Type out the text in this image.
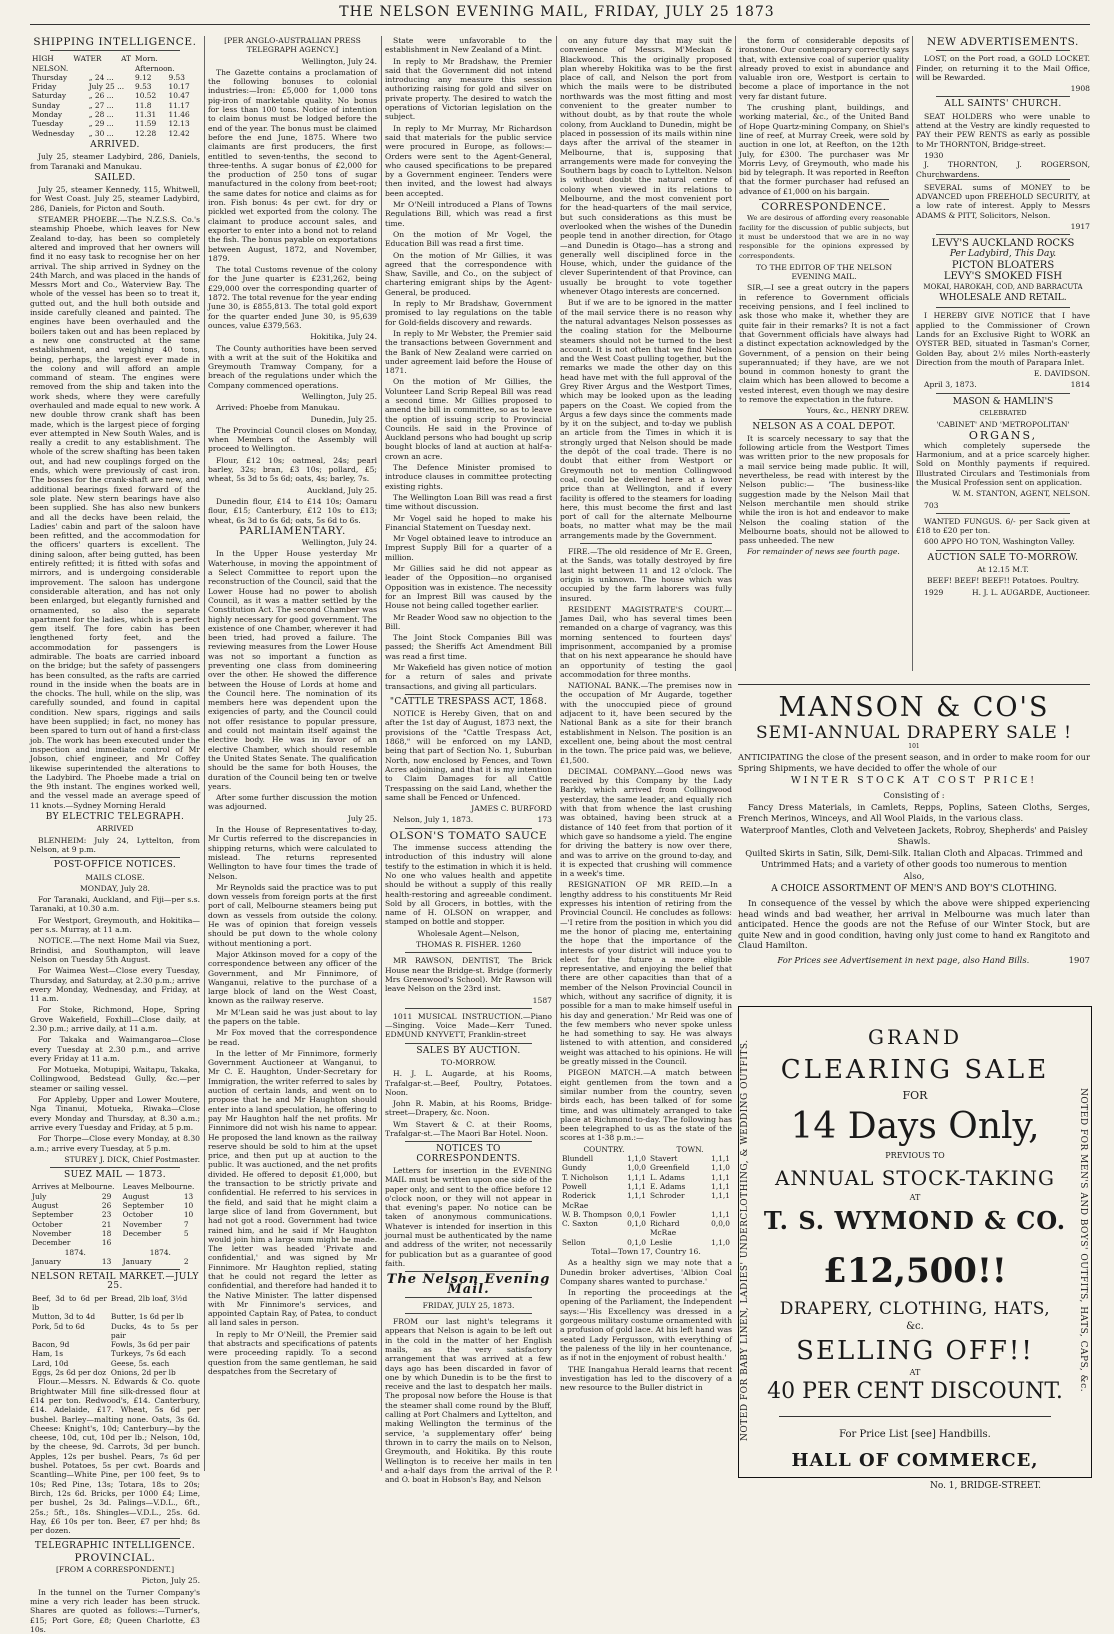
THE NELSON EVENING MAIL, FRIDAY, JULY 25 1873
SHIPPING INTELLIGENCE.
HIGH WATER AT NELSON.		Morn. Afternoon.	
Thursday	„ 24 ...	9.12	9.53
Friday	July 25 ...	9.53	10.17
Saturday	„ 26 ...	10.52	10.47
Sunday	„ 27 ...	11.8	11.17
Monday	„ 28 ...	11.31	11.46
Tuesday	„ 29 ...	11.59	12.13
Wednesday	„ 30 ...	12.28	12.42
ARRIVED.

July 25, steamer Ladybird, 286, Daniels, from Taranaki and Manukau.

SAILED.

July 25, steamer Kennedy, 115, Whitwell, for West Coast. July 25, steamer Ladybird, 286, Daniels, for Picton and South.

STEAMER PHOEBE.—The N.Z.S.S. Co.'s steamship Phoebe, which leaves for New Zealand to-day, has been so completely altered and improved that her owners will find it no easy task to recognise her on her arrival. The ship arrived in Sydney on the 24th March, and was placed in the hands of Messrs Mort and Co., Waterview Bay. The whole of the vessel has been so to treat it, gutted out, and the hull both outside and inside carefully cleaned and painted. The engines have been overhauled and the boilers taken out and has been replaced by a new one constructed at the same establishment, and weighing 40 tons, being, perhaps, the largest ever made in the colony and will afford an ample command of steam. The engines were removed from the ship and taken into the work sheds, where they were carefully overhauled and made equal to new work. A new double throw crank shaft has been made, which is the largest piece of forging ever attempted in New South Wales, and is really a credit to any establishment. The whole of the screw shafting has been taken out, and had new couplings forged on the ends, which were previously of cast iron. The bosses for the crank-shaft are new, and additional bearings fixed forward of the sole plate. New stern bearings have also been supplied. She has also new bunkers and all the decks have been relaid, the Ladies' cabin and part of the saloon have been refitted, and the accommodation for the officers' quarters is excellent. The dining saloon, after being gutted, has been entirely refitted; it is fitted with sofas and mirrors, and is undergoing considerable improvement. The saloon has undergone considerable alteration, and has not only been enlarged, but elegantly furnished and ornamented, so also the separate apartment for the ladies, which is a perfect gem itself. The fore cabin has been lengthened forty feet, and the accommodation for passengers is admirable. The boats are carried inboard on the bridge; but the safety of passengers has been consulted, as the rafts are carried round in the inside when the boats are in the chocks. The hull, while on the slip, was carefully sounded, and found in capital condition. New spars, riggings and sails have been supplied; in fact, no money has been spared to turn out of hand a first-class job. The work has been executed under the inspection and immediate control of Mr Jobson, chief engineer, and Mr Coffey likewise superintended the alterations to the Ladybird. The Phoebe made a trial on the 9th instant. The engines worked well, and the vessel made an average speed of 11 knots.—Sydney Morning Herald

BY ELECTRIC TELEGRAPH.

ARRIVED

BLENHEIM: July 24, Lyttelton, from Nelson, at 9 p.m.

POST-OFFICE NOTICES.

MAILS CLOSE.

MONDAY, July 28.

For Taranaki, Auckland, and Fiji—per s.s. Taranaki, at 10.30 a.m.

For Westport, Greymouth, and Hokitika—per s.s. Murray, at 11 a.m.

NOTICE.—The next Home Mail via Suez, Brindisi, and Southampton, will leave Nelson on Tuesday 5th August.

For Waimea West—Close every Tuesday, Thursday, and Saturday, at 2.30 p.m.; arrive every Monday, Wednesday, and Friday, at 11 a.m.

For Stoke, Richmond, Hope, Spring Grove Wakefield, Foxhill—Close daily, at 2.30 p.m.; arrive daily, at 11 a.m.

For Takaka and Waimangaroa—Close every Tuesday at 2.30 p.m., and arrive every Friday at 11 a.m.

For Motueka, Motupipi, Waitapu, Takaka, Collingwood, Bedstead Gully, &c.—per steamer or sailing vessel.

For Appleby, Upper and Lower Moutere, Nga Tinanui, Motueka, Riwaka—Close every Monday and Thursday, at 8.30 a.m.; arrive every Tuesday and Friday, at 5 p.m.

For Thorpe—Close every Monday, at 8.30 a.m.; arrive every Tuesday, at 5 p.m.

STUREY J. DICK, Chief Postmaster.

SUEZ MAIL — 1873.
Arrives at Melbourne.		Leaves Melbourne.	
July	29	August	13
August	26	September	10
September	23	October	10
October	21	November	7
November	18	December	5
December	16		
1874.		1874.	
January	13	January	2
NELSON RETAIL MARKET.—JULY 25.
Beef, 3d to 6d per lb	Bread, 2lb loaf, 3½d
Mutton, 3d to 4d	Butter, 1s 6d per lb
Pork, 5d to 6d	Ducks, 4s to 5s per pair
Bacon, 9d	Fowls, 3s 6d per pair
Ham, 1s	Turkeys, 7s 6d each
Lard, 10d	Geese, 5s. each
Eggs, 2s 6d per doz	Onions, 2d per lb

Flour.—Messrs. N. Edwards & Co. quote Brightwater Mill fine silk-dressed flour at £14 per ton. Redwood's, £14. Canterbury, £14. Adelaide, £17. Wheat, 5s 6d per bushel. Barley—malting none. Oats, 3s 6d. Cheese: Knight's, 10d; Canterbury—by the cheese, 10d, cut, 10d per lb.; Nelson, 10d, by the cheese, 9d. Carrots, 3d per bunch. Apples, 12s per bushel. Pears, 7s 6d per bushel. Potatoes, 5s per cwt. Boards and Scantling—White Pine, per 100 feet, 9s to 10s; Red Pine, 13s; Totara, 18s to 20s; Birch, 12s 6d. Bricks, per 1000 £4; Lime, per bushel, 2s 3d. Palings—V.D.L., 6ft., 25s.; 5ft., 18s. Shingles—V.D.L., 25s. 6d. Hay, £6 10s per ton. Beer, £7 per hhd; 8s per dozen.

TELEGRAPHIC INTELLIGENCE.
PROVINCIAL.

[FROM A CORRESPONDENT.]

Picton, July 25.

In the tunnel on the Turner Company's mine a very rich leader has been struck. Shares are quoted as follows:—Turner's, £15; Port Gore, £8; Queen Charlotte, £3 10s.

[PER ANGLO-AUSTRALIAN PRESS TELEGRAPH AGENCY.]

Wellington, July 24.

The Gazette contains a proclamation of the following bonuses to colonial industries:—Iron: £5,000 for 1,000 tons pig-iron of marketable quality. No bonus for less than 100 tons. Notice of intention to claim bonus must be lodged before the end of the year. The bonus must be claimed before the end June, 1875. Where two claimants are first producers, the first entitled to seven-tenths, the second to three-tenths. A sugar bonus of £2,000 for the production of 250 tons of sugar manufactured in the colony from beet-root; the same dates for notice and claims as for iron. Fish bonus: 4s per cwt. for dry or pickled wet exported from the colony. The claimant to produce account sales, and exporter to enter into a bond not to reland the fish. The bonus payable on exportations between August, 1872, and November, 1879.

The total Customs revenue of the colony for the June quarter is £231,262, being £29,000 over the corresponding quarter of 1872. The total revenue for the year ending June 30, is £855,813. The total gold export for the quarter ended June 30, is 95,639 ounces, value £379,563.

Hokitika, July 24.

The County authorities have been served with a writ at the suit of the Hokitika and Greymouth Tramway Company, for a breach of the regulations under which the Company commenced operations.

Wellington, July 25.

Arrived: Phoebe from Manukau.

Dunedin, July 25.

The Provincial Council closes on Monday, when Members of the Assembly will proceed to Wellington.

Flour, £12 10s; oatmeal, 24s; pearl barley, 32s; bran, £3 10s; pollard, £5; wheat, 5s 3d to 5s 6d; oats, 4s; barley, 7s.

Auckland, July 25.

Dunedin flour, £14 to £14 10s; Oamaru flour, £15; Canterbury, £12 10s to £13; wheat, 6s 3d to 6s 6d; oats, 5s 6d to 6s.

PARLIAMENTARY.

Wellington, July 24.

In the Upper House yesterday Mr Waterhouse, in moving the appointment of a Select Committee to report upon the reconstruction of the Council, said that the Lower House had no power to abolish Council, as it was a matter settled by the Constitution Act. The second Chamber was highly necessary for good government. The existence of one Chamber, wherever it had been tried, had proved a failure. The reviewing measures from the Lower House was not so important a function as preventing one class from domineering over the other. He showed the difference between the House of Lords at home and the Council here. The nomination of its members here was dependent upon the exigencies of party, and the Council could not offer resistance to popular pressure, and could not maintain itself against the elective body. He was in favor of an elective Chamber, which should resemble the United States Senate. The qualification should be the same for both Houses, the duration of the Council being ten or twelve years.

After some further discussion the motion was adjourned.

July 25.

In the House of Representatives to-day, Mr Curtis referred to the discrepancies in shipping returns, which were calculated to mislead. The returns represented Wellington to have four times the trade of Nelson.

Mr Reynolds said the practice was to put down vessels from foreign ports at the first port of call, Melbourne steamers being put down as vessels from outside the colony. He was of opinion that foreign vessels should be put down to the whole colony without mentioning a port.

Major Atkinson moved for a copy of the correspondence between any officer of the Government, and Mr Finnimore, of Wanganui, relative to the purchase of a large block of land on the West Coast, known as the railway reserve.

Mr M'Lean said he was just about to lay the papers on the table.

Mr Fox moved that the correspondence be read.

In the letter of Mr Finnimore, formerly Government Auctioneer at Wanganui, to Mr C. E. Haughton, Under-Secretary for Immigration, the writer referred to sales by auction of certain lands, and went on to propose that he and Mr Haughton should enter into a land speculation, he offering to pay Mr Haughton half the net profits. Mr Finnimore did not wish his name to appear. He proposed the land known as the railway reserve should be sold to him at the upset price, and then put up at auction to the public. It was auctioned, and the net profits divided. He offered to deposit £1,000, but the transaction to be strictly private and confidential. He referred to his services in the field, and said that he might claim a large slice of land from Government, but had not got a rood. Government had twice rained him, and he said if Mr Haughton would join him a large sum might be made. The letter was headed 'Private and confidential,' and was signed by Mr Finnimore. Mr Haughton replied, stating that he could not regard the letter as confidential, and therefore had handed it to the Native Minister. The latter dispensed with Mr Finnimore's services, and appointed Captain Ray, of Patea, to conduct all land sales in person.

In reply to Mr O'Neill, the Premier said that abstracts and specifications of patents were proceeding rapidly. To a second question from the same gentleman, he said despatches from the Secretary of

State were unfavorable to the establishment in New Zealand of a Mint.

In reply to Mr Bradshaw, the Premier said that the Government did not intend introducing any measure this session authorizing raising for gold and silver on private property. The desired to watch the operations of Victorian legislation on the subject.

In reply to Mr Murray, Mr Richardson said that materials for the public service were procured in Europe, as follows:—Orders were sent to the Agent-General, who caused specifications to be prepared by a Government engineer. Tenders were then invited, and the lowest had always been accepted.

Mr O'Neill introduced a Plans of Towns Regulations Bill, which was read a first time.

On the motion of Mr Vogel, the Education Bill was read a first time.

On the motion of Mr Gillies, it was agreed that the correspondence with Shaw, Saville, and Co., on the subject of chartering emigrant ships by the Agent-General, be produced.

In reply to Mr Bradshaw, Government promised to lay regulations on the table for Gold-fields discovery and rewards.

In reply to Mr Webster, the Premier said the transactions between Government and the Bank of New Zealand were carried on under agreement laid before the House of 1871.

On the motion of Mr Gillies, the Volunteer Land Scrip Repeal Bill was read a second time. Mr Gillies proposed to amend the bill in committee, so as to leave the option of issuing scrip to Provincial Councils. He said in the Province of Auckland persons who had bought up scrip bought blocks of land at auction at half-a-crown an acre.

The Defence Minister promised to introduce clauses in committee protecting existing rights.

The Wellington Loan Bill was read a first time without discussion.

Mr Vogel said he hoped to make his Financial Statement on Tuesday next.

Mr Vogel obtained leave to introduce an Imprest Supply Bill for a quarter of a million.

Mr Gillies said he did not appear as leader of the Opposition—no organised Opposition was in existence. The necessity for an Imprest Bill was caused by the House not being called together earlier.

Mr Reader Wood saw no objection to the Bill.

The Joint Stock Companies Bill was passed; the Sheriffs Act Amendment Bill was read a first time.

Mr Wakefield has given notice of motion for a return of sales and private transactions, and giving all particulars.

"CATTLE TRESPASS ACT, 1868.

NOTICE is Hereby Given, that on and after the 1st day of August, 1873 next, the provisions of the "Cattle Trespass Act, 1868," will be enforced on my LAND, being that part of Section No. 1, Suburban North, now enclosed by Fences, and Town Acres adjoining, and that it is my intention to Claim Damages for all Cattle Trespassing on the said Land, whether the same shall be Fenced or Unfenced.

JAMES C. BURFORD

Nelson, July 1, 1873.	173

OLSON'S TOMATO SAUCE

The immense success attending the introduction of this industry will alone testify to the estimation in which it is held. No one who values health and appetite should be without a supply of this really health-restoring and agreeable condiment. Sold by all Grocers, in bottles, with the name of H. OLSON on wrapper, and stamped on bottle and stopper.

Wholesale Agent—Nelson,

THOMAS R. FISHER. 1260

MR RAWSON, DENTIST, The Brick House near the Bridge-st. Bridge (formerly Mrs Greenwood's School). Mr Rawson will leave Nelson on the 23rd inst.

1587

1011 MUSICAL INSTRUCTION.—Piano—Singing. Voice Made—Kerr Tuned. EDMUND KNYVETT, Franklin-street

SALES BY AUCTION.

TO-MORROW.

H. J. L. Augarde, at his Rooms, Trafalgar-st.—Beef, Poultry, Potatoes. Noon.

John R. Mabin, at his Rooms, Bridge-street—Drapery, &c. Noon.

Wm Stavert & C. at their Rooms, Trafalgar-st.—The Maori Bar Hotel. Noon.

NOTICES TO CORRESPONDENTS.

Letters for insertion in the EVENING MAIL must be written upon one side of the paper only, and sent to the office before 12 o'clock noon, or they will not appear in that evening's paper. No notice can be taken of anonymous communications. Whatever is intended for insertion in this journal must be authenticated by the name and address of the writer, not necessarily for publication but as a guarantee of good faith.

The Nelson Evening Mail.

FRIDAY, JULY 25, 1873.

FROM our last night's telegrams it appears that Nelson is again to be left out in the cold in the matter of her English mails, as the very satisfactory arrangement that was arrived at a few days ago has been discarded in favor of one by which Dunedin is to be the first to receive and the last to despatch her mails. The proposal now before the House is that the steamer shall come round by the Bluff, calling at Port Chalmers and Lyttelton, and making Wellington the terminus of the service, 'a supplementary offer' being thrown in to carry the mails on to Nelson, Greymouth, and Hokitika. By this route Wellington is to receive her mails in ten and a-half days from the arrival of the P. and O. boat in Hobson's Bay, and Nelson

on any future day that may suit the convenience of Messrs. M'Meckan & Blackwood. This the originally proposed plan whereby Hokitika was to be the first place of call, and Nelson the port from which the mails were to be distributed northwards was the most fitting and most convenient to the greater number to without doubt, as by that route the whole colony, from Auckland to Dunedin, might be placed in possession of its mails within nine days after the arrival of the steamer in Melbourne, that is, supposing that arrangements were made for conveying the Southern bags by coach to Lyttelton. Nelson is without doubt the natural centre of colony when viewed in its relations to Melbourne, and the most convenient port for the head-quarters of the mail service, but such considerations as this must be overlooked when the wishes of the Dunedin people tend in another direction, for Otago—and Dunedin is Otago—has a strong and generally well disciplined force in the House, which, under the guidance of the clever Superintendent of that Province, can usually be brought to vote together whenever Otago interests are concerned.

But if we are to be ignored in the matter of the mail service there is no reason why the natural advantages Nelson possesses as the coaling station for the Melbourne steamers should not be turned to the best account. It is not often that we find Nelson and the West Coast pulling together, but the remarks we made the other day on this head have met with the full approval of the Grey River Argus and the Westport Times, which may be looked upon as the leading papers on the Coast. We copied from the Argus a few days since the comments made by it on the subject, and to-day we publish an article from the Times in which it is strongly urged that Nelson should be made the depôt of the coal trade. There is no doubt that either from Westport or Greymouth not to mention Collingwood coal, could be delivered here at a lower price than at Wellington, and if every facility is offered to the steamers for loading here, this must become the first and last port of call for the alternate Melbourne boats, no matter what may be the mail arrangements made by the Government.

FIRE.—The old residence of Mr E. Green, at the Sands, was totally destroyed by fire last night between 11 and 12 o'clock. The origin is unknown. The house which was occupied by the farm laborers was fully insured.

RESIDENT MAGISTRATE'S COURT.—James Dail, who has several times been remanded on a charge of vagrancy, was this morning sentenced to fourteen days' imprisonment, accompanied by a promise that on his next appearance he should have an opportunity of testing the gaol accommodation for three months.

NATIONAL BANK.—The premises now in the occupation of Mr Augarde, together with the unoccupied piece of ground adjacent to it, have been secured by the National Bank as a site for their branch establishment in Nelson. The position is an excellent one, being about the most central in the town. The price paid was, we believe, £1,500.

DECIMAL COMPANY.—Good news was received by this Company by the Lady Barkly, which arrived from Collingwood yesterday, the same leader, and equally rich with that from whence the last crushing was obtained, having been struck at a distance of 140 feet from that portion of it which gave so handsome a yield. The engine for driving the battery is now over there, and was to arrive on the ground to-day, and it is expected that crushing will commence in a week's time.

RESIGNATION OF MR REID.—In a lengthy address to his constituents Mr Reid expresses his intention of retiring from the Provincial Council. He concludes as follows:—'I retire from the position in which you did me the honor of placing me, entertaining the hope that the importance of the interests of your district will induce you to elect for the future a more eligible representative, and enjoying the belief that there are other capacities than that of a member of the Nelson Provincial Council in which, without any sacrifice of dignity, it is possible for a man to make himself useful in his day and generation.' Mr Reid was one of the few members who never spoke unless he had something to say. He was always listened to with attention, and considered weight was attached to his opinions. He will be greatly missed in the Council.

PIGEON MATCH.—A match between eight gentlemen from the town and a similar number from the country, seven birds each, has been talked of for some time, and was ultimately arranged to take place at Richmond to-day. The following has been telegraphed to us as the state of the scores at 1-38 p.m.:—

COUNTRY.		TOWN.	
Blundell	1,1,0	Stavert	1,1,1
Gundy	1,0,0	Greenfield	1,1,0
T. Nicholson	1,1,1	L. Adams	1,1,1
Powell	1,1,1	E. Adams	1,1,1
Roderick McRae	1,1,1	Schroder	1,1,1
W. B. Thompson	0,0,1	Fowler	1,1,1
C. Saxton	0,1,0	Richard McRae	0,0,0
Sellon	0,1,0	Leslie	1,1,0

Total—Town 17, Country 16.

As a healthy sign we may note that a Dunedin broker advertises, 'Albion Coal Company shares wanted to purchase.'

In reporting the proceedings at the opening of the Parliament, the Independent says:—'His Excellency was dressed in a gorgeous military costume ornamented with a profusion of gold lace. At his left hand was seated Lady Fergusson, with everything of the paleness of the lily in her countenance, as if not in the enjoyment of robust health.'

THE Inangahua Herald learns that recent investigation has led to the discovery of a new resource to the Buller district in

the form of considerable deposits of ironstone. Our contemporary correctly says that, with extensive coal of superior quality already proved to exist in abundance and valuable iron ore, Westport is certain to become a place of importance in the not very far distant future.

The crushing plant, buildings, and working material, &c., of the United Band of Hope Quartz-mining Company, on Shiel's line of reef, at Murray Creek, were sold by auction in one lot, at Reefton, on the 12th July, for £300. The purchaser was Mr Morris Levy, of Greymouth, who made his bid by telegraph. It was reported in Reefton that the former purchaser had refused an advance of £1,000 on his bargain.

CORRESPONDENCE.

We are desirous of affording every reasonable facility for the discussion of public subjects, but it must be understood that we are in no way responsible for the opinions expressed by correspondents.

TO THE EDITOR OF THE NELSON EVENING MAIL.

SIR,—I see a great outcry in the papers in reference to Government officials receiving pensions, and I feel inclined to ask those who make it, whether they are quite fair in their remarks? It is not a fact that Government officials have always had a distinct expectation acknowledged by the Government, of a pension on their being superannuated; if they have, are we not bound in common honesty to grant the claim which has been allowed to become a vested interest, even though we may desire to remove the expectation in the future.

Yours, &c., HENRY DREW.

NELSON AS A COAL DEPOT.

It is scarcely necessary to say that the following article from the Westport Times was written prior to the new proposals for a mail service being made public. It will, nevertheless, be read with interest by the Nelson public:— 'The business-like suggestion made by the Nelson Mail that Nelson merchantile men should strike while the iron is hot and endeavor to make Nelson the coaling station of the Melbourne boats, should not be allowed to pass unheeded. The new

For remainder of news see fourth page.

NEW ADVERTISEMENTS.

LOST, on the Port road, a GOLD LOCKET. Finder, on returning it to the Mail Office, will be Rewarded.

1908

ALL SAINTS' CHURCH.

SEAT HOLDERS who were unable to attend at the Vestry are kindly requested to PAY their PEW RENTS as early as possible to Mr THORNTON, Bridge-street.

1930
J. THORNTON, J. ROGERSON, Churchwardens.

SEVERAL sums of MONEY to be ADVANCED upon FREEHOLD SECURITY, at a low rate of interest. Apply to Messrs ADAMS & PITT, Solicitors, Nelson.

1917

LEVY'S AUCKLAND ROCKS
Per Ladybird, This Day.
PICTON BLOATERS
LEVY'S SMOKED FISH
MOKAI, HAROKAH, COD, AND BARRACUTA
WHOLESALE AND RETAIL.

I HEREBY GIVE NOTICE that I have applied to the Commissioner of Crown Lands for an Exclusive Right to WORK an OYSTER BED, situated in Tasman's Corner, Golden Bay, about 2½ miles North-easterly Direction from the mouth of Parapara Inlet.

E. DAVIDSON.

April 3, 1873.	1814

MASON & HAMLIN'S
CELEBRATED
'CABINET' AND 'METROPOLITAN'
ORGANS,

which completely supersede the Harmonium, and at a price scarcely higher. Sold on Monthly payments if required. Illustrated Circulars and Testimonials from the Musical Profession sent on application.

W. M. STANTON, AGENT, NELSON.

703

WANTED FUNGUS. 6/- per Sack given at £18 to £20 per ton.

600 APPO HO TON, Washington Valley.

AUCTION SALE TO-MORROW.

At 12.15 M.T.

BEEF! BEEF! BEEF!! Potatoes. Poultry.

1929	H. J. L. AUGARDE, Auctioneer.

MANSON & CO'S
SEMI-ANNUAL DRAPERY SALE !
101

ANTICIPATING the close of the present season, and in order to make room for our Spring Shipments, we have decided to offer the whole of our

WINTER STOCK AT COST PRICE!

Consisting of :

Fancy Dress Materials, in Camlets, Repps, Poplins, Sateen Cloths, Serges, French Merinos, Winceys, and All Wool Plaids, in the various class.

Waterproof Mantles, Cloth and Velveteen Jackets, Robroy, Shepherds' and Paisley Shawls.

Quilted Skirts in Satin, Silk, Demi-Silk. Italian Cloth and Alpacas. Trimmed and Untrimmed Hats; and a variety of other goods too numerous to mention

Also,

A CHOICE ASSORTMENT OF MEN'S AND BOY'S CLOTHING.

In consequence of the vessel by which the above were shipped experiencing head winds and bad weather, her arrival in Melbourne was much later than anticipated. Hence the goods are not the Refuse of our Winter Stock, but are quite New and in good condition, having only just come to hand ex Rangitoto and Claud Hamilton.

For Prices see Advertisement in next page, also Hand Bills.	1907

GRAND
CLEARING SALE
FOR
14 Days Only,
PREVIOUS TO
ANNUAL STOCK-TAKING
AT
T. S. WYMOND & CO.
£12,500!!
DRAPERY, CLOTHING, HATS,
&c.
SELLING OFF!!
AT
40 PER CENT DISCOUNT.
For Price List [see] Handbills.
HALL OF COMMERCE,
No. 1, BRIDGE-STREET.
NOTED FOR BABY LINEN, LADIES' UNDERCLOTHING, & WEDDING OUTFITS.	NOTED FOR MEN'S AND BOYS' OUTFITS, HATS, CAPS, &c.
